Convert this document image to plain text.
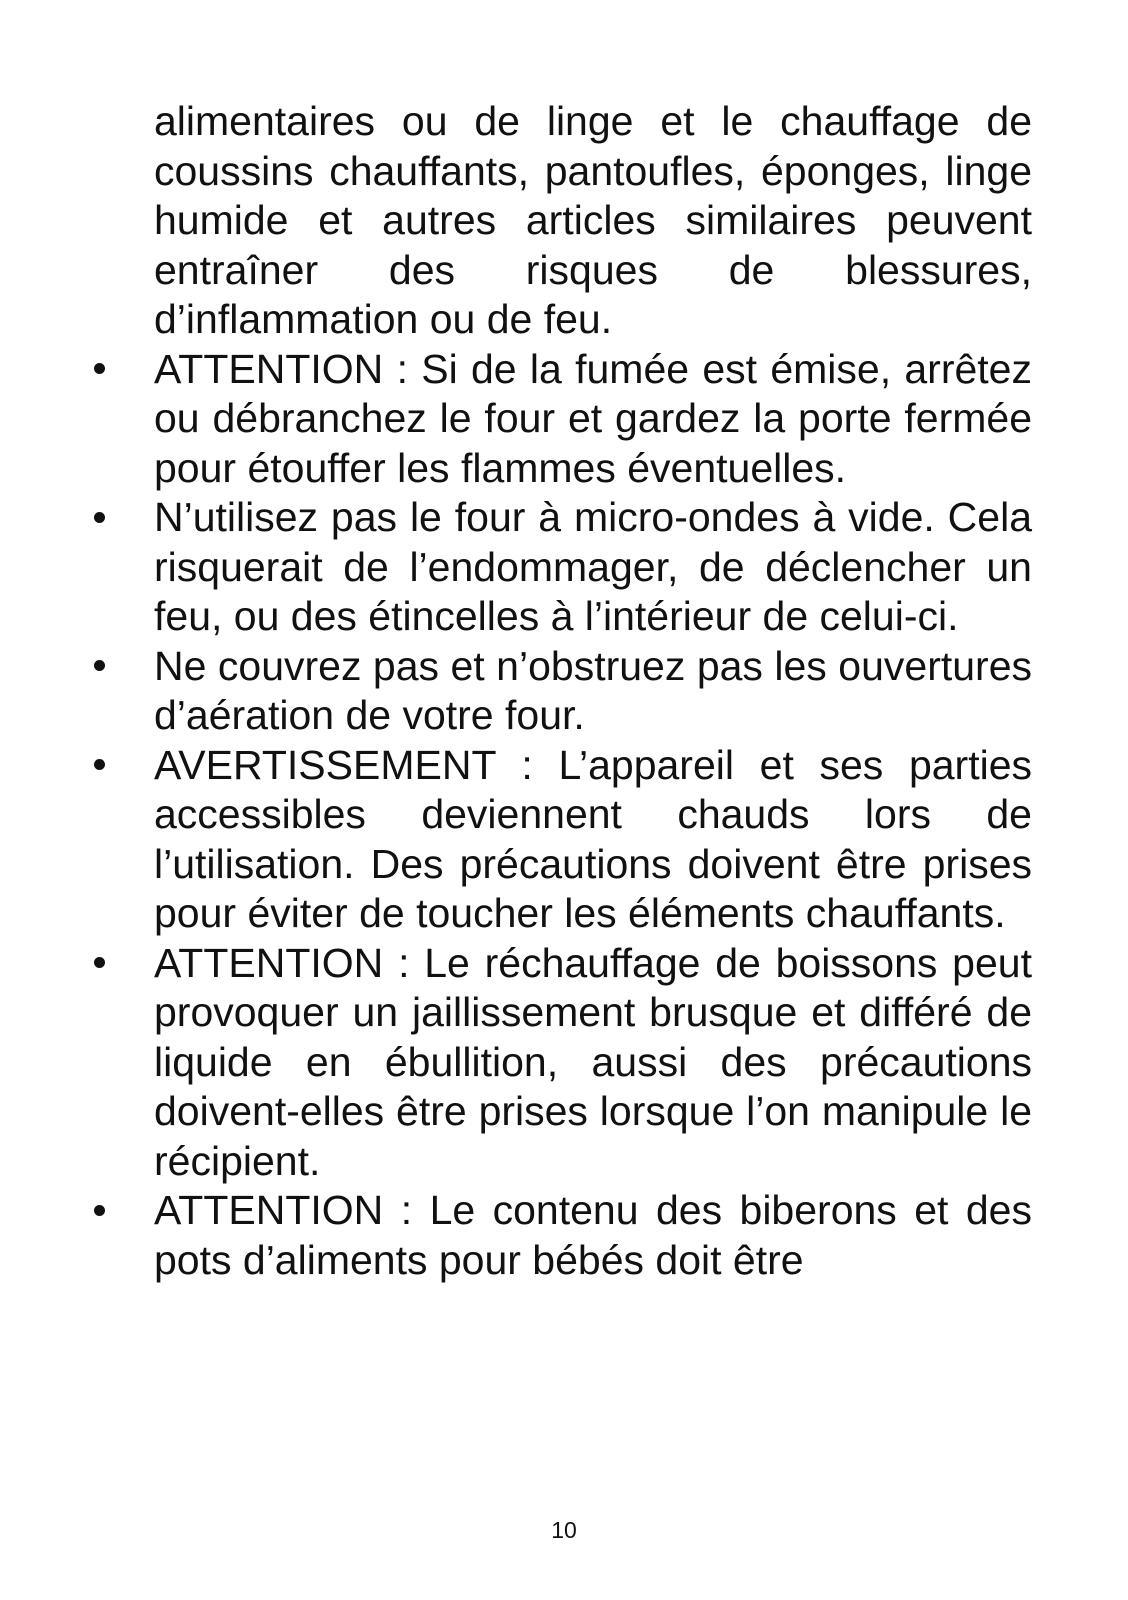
alimentaires ou de linge et le chauffage de coussins chauffants, pantoufles, éponges, linge humide et autres articles similaires peuvent entraîner des risques de blessures, d’inflammation ou de feu.
ATTENTION : Si de la fumée est émise, arrêtez ou débranchez le four et gardez la porte fermée pour étouffer les flammes éventuelles.
N’utilisez pas le four à micro-ondes à vide. Cela risquerait de l’endommager, de déclencher un feu, ou des étincelles à l’intérieur de celui-ci.
Ne couvrez pas et n’obstruez pas les ouvertures d’aération de votre four.
AVERTISSEMENT : L’appareil et ses parties accessibles deviennent chauds lors de l’utilisation. Des précautions doivent être prises pour éviter de toucher les éléments chauffants.
ATTENTION : Le réchauffage de boissons peut provoquer un jaillissement brusque et différé de liquide en ébullition, aussi des précautions doivent-elles être prises lorsque l’on manipule le récipient.
ATTENTION : Le contenu des biberons et des pots d’aliments pour bébés doit être
10
